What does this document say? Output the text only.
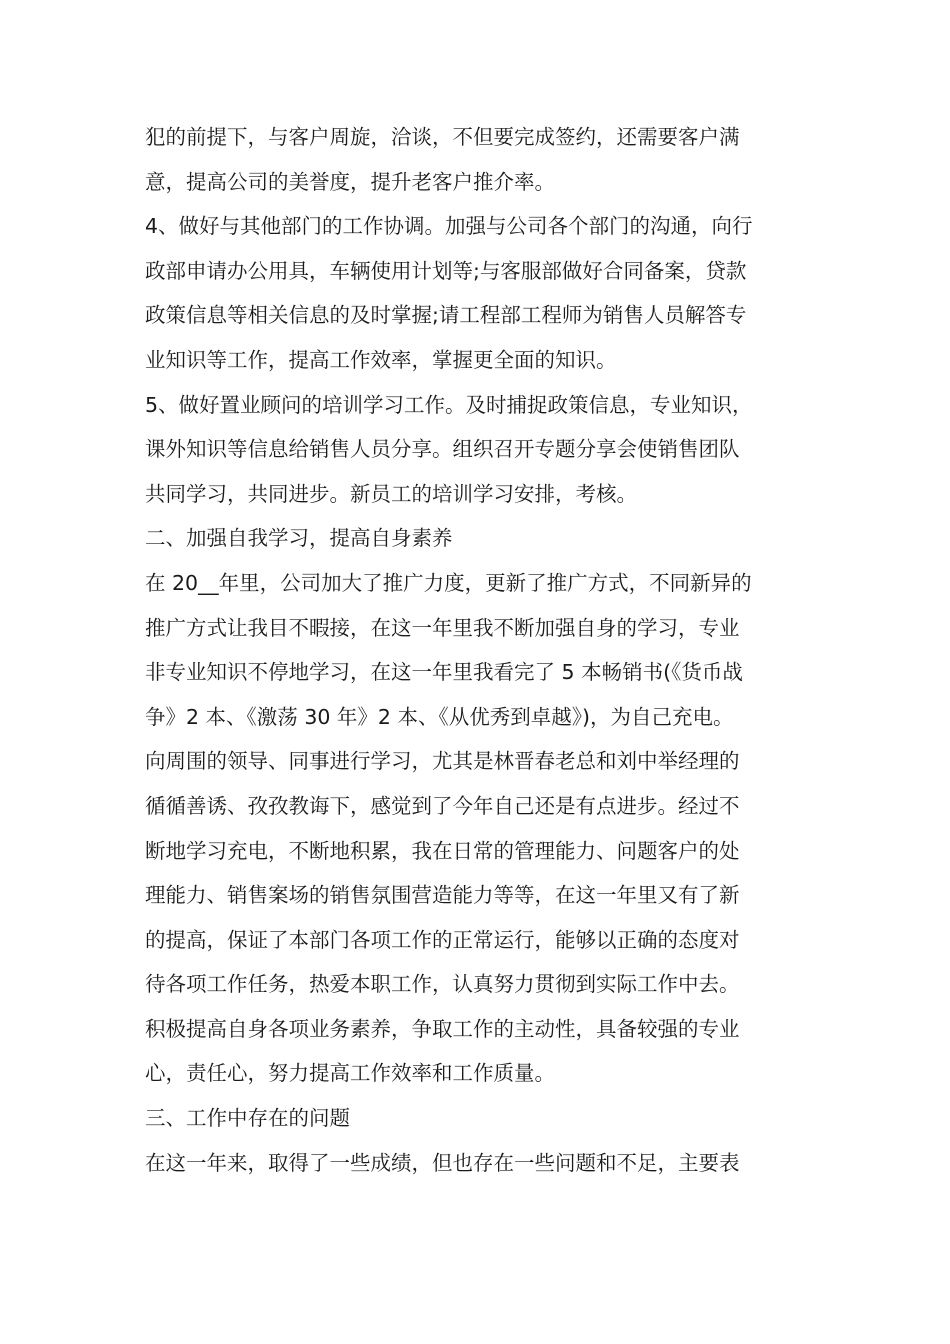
犯的前提下，与客户周旋，洽谈，不但要完成签约，还需要客户满
意，提高公司的美誉度，提升老客户推介率。
4、做好与其他部门的工作协调。加强与公司各个部门的沟通，向行
政部申请办公用具，车辆使用计划等;与客服部做好合同备案，贷款
政策信息等相关信息的及时掌握;请工程部工程师为销售人员解答专
业知识等工作，提高工作效率，掌握更全面的知识。
5、做好置业顾问的培训学习工作。及时捕捉政策信息，专业知识，
课外知识等信息给销售人员分享。组织召开专题分享会使销售团队
共同学习，共同进步。新员工的培训学习安排，考核。
二、加强自我学习，提高自身素养
在 20__年里，公司加大了推广力度，更新了推广方式，不同新异的
推广方式让我目不暇接，在这一年里我不断加强自身的学习，专业
非专业知识不停地学习，在这一年里我看完了 5 本畅销书(《货币战
争》2 本、《激荡 30 年》2 本、《从优秀到卓越》)，为自己充电。
向周围的领导、同事进行学习，尤其是林晋春老总和刘中举经理的
循循善诱、孜孜教诲下，感觉到了今年自己还是有点进步。经过不
断地学习充电，不断地积累，我在日常的管理能力、问题客户的处
理能力、销售案场的销售氛围营造能力等等，在这一年里又有了新
的提高，保证了本部门各项工作的正常运行，能够以正确的态度对
待各项工作任务，热爱本职工作，认真努力贯彻到实际工作中去。
积极提高自身各项业务素养，争取工作的主动性，具备较强的专业
心，责任心，努力提高工作效率和工作质量。
三、工作中存在的问题
在这一年来，取得了一些成绩，但也存在一些问题和不足，主要表
